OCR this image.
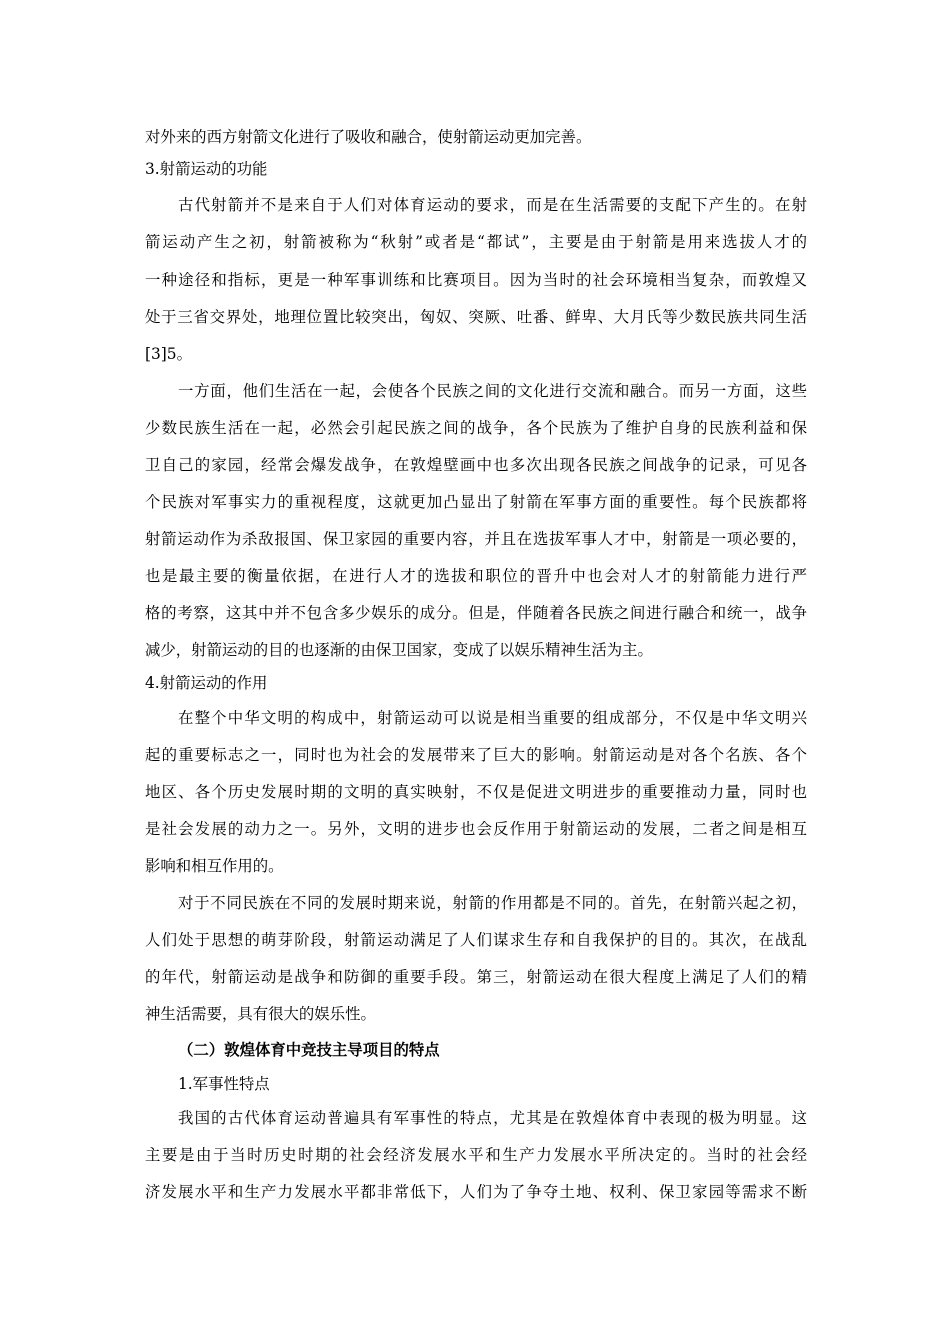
对外来的西方射箭文化进行了吸收和融合，使射箭运动更加完善。
3.射箭运动的功能
古代射箭并不是来自于人们对体育运动的要求，而是在生活需要的支配下产生的。在射
箭运动产生之初，射箭被称为“秋射”或者是“都试”，主要是由于射箭是用来选拔人才的
一种途径和指标，更是一种军事训练和比赛项目。因为当时的社会环境相当复杂，而敦煌又
处于三省交界处，地理位置比较突出，匈奴、突厥、吐番、鲜卑、大月氏等少数民族共同生活
[3]5。
一方面，他们生活在一起，会使各个民族之间的文化进行交流和融合。而另一方面，这些
少数民族生活在一起，必然会引起民族之间的战争，各个民族为了维护自身的民族利益和保
卫自己的家园，经常会爆发战争，在敦煌壁画中也多次出现各民族之间战争的记录，可见各
个民族对军事实力的重视程度，这就更加凸显出了射箭在军事方面的重要性。每个民族都将
射箭运动作为杀敌报国、保卫家园的重要内容，并且在选拔军事人才中，射箭是一项必要的，
也是最主要的衡量依据，在进行人才的选拔和职位的晋升中也会对人才的射箭能力进行严
格的考察，这其中并不包含多少娱乐的成分。但是，伴随着各民族之间进行融合和统一，战争
减少，射箭运动的目的也逐渐的由保卫国家，变成了以娱乐精神生活为主。
4.射箭运动的作用
在整个中华文明的构成中，射箭运动可以说是相当重要的组成部分，不仅是中华文明兴
起的重要标志之一，同时也为社会的发展带来了巨大的影响。射箭运动是对各个名族、各个
地区、各个历史发展时期的文明的真实映射，不仅是促进文明进步的重要推动力量，同时也
是社会发展的动力之一。另外，文明的进步也会反作用于射箭运动的发展，二者之间是相互
影响和相互作用的。
对于不同民族在不同的发展时期来说，射箭的作用都是不同的。首先，在射箭兴起之初，
人们处于思想的萌芽阶段，射箭运动满足了人们谋求生存和自我保护的目的。其次，在战乱
的年代，射箭运动是战争和防御的重要手段。第三，射箭运动在很大程度上满足了人们的精
神生活需要，具有很大的娱乐性。
（二）敦煌体育中竞技主导项目的特点
1.军事性特点
我国的古代体育运动普遍具有军事性的特点，尤其是在敦煌体育中表现的极为明显。这
主要是由于当时历史时期的社会经济发展水平和生产力发展水平所决定的。当时的社会经
济发展水平和生产力发展水平都非常低下，人们为了争夺土地、权利、保卫家园等需求不断
